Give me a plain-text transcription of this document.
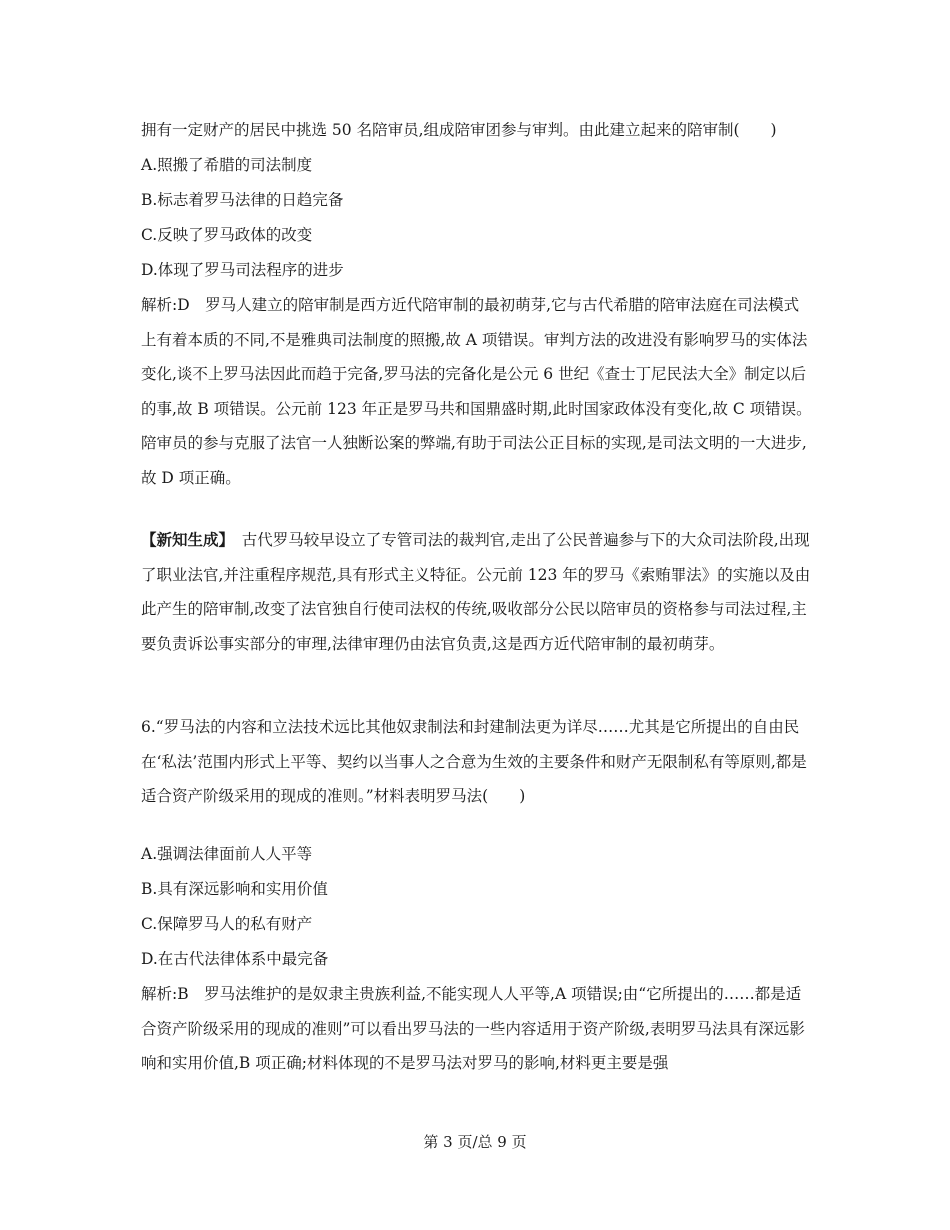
拥有一定财产的居民中挑选 50 名陪审员,组成陪审团参与审判。由此建立起来的陪审制(　　)
A.照搬了希腊的司法制度
B.标志着罗马法律的日趋完备
C.反映了罗马政体的改变
D.体现了罗马司法程序的进步
解析:D　罗马人建立的陪审制是西方近代陪审制的最初萌芽,它与古代希腊的陪审法庭在司法模式上有着本质的不同,不是雅典司法制度的照搬,故 A 项错误。审判方法的改进没有影响罗马的实体法变化,谈不上罗马法因此而趋于完备,罗马法的完备化是公元 6 世纪《查士丁尼民法大全》制定以后的事,故 B 项错误。公元前 123 年正是罗马共和国鼎盛时期,此时国家政体没有变化,故 C 项错误。陪审员的参与克服了法官一人独断讼案的弊端,有助于司法公正目标的实现,是司法文明的一大进步,故 D 项正确。
【新知生成】　古代罗马较早设立了专管司法的裁判官,走出了公民普遍参与下的大众司法阶段,出现了职业法官,并注重程序规范,具有形式主义特征。公元前 123 年的罗马《索贿罪法》的实施以及由此产生的陪审制,改变了法官独自行使司法权的传统,吸收部分公民以陪审员的资格参与司法过程,主要负责诉讼事实部分的审理,法律审理仍由法官负责,这是西方近代陪审制的最初萌芽。
6.“罗马法的内容和立法技术远比其他奴隶制法和封建制法更为详尽……尤其是它所提出的自由民在‘私法’范围内形式上平等、契约以当事人之合意为生效的主要条件和财产无限制私有等原则,都是适合资产阶级采用的现成的准则。”材料表明罗马法(　　)
A.强调法律面前人人平等
B.具有深远影响和实用价值
C.保障罗马人的私有财产
D.在古代法律体系中最完备
解析:B　罗马法维护的是奴隶主贵族利益,不能实现人人平等,A 项错误;由“它所提出的……都是适合资产阶级采用的现成的准则”可以看出罗马法的一些内容适用于资产阶级,表明罗马法具有深远影响和实用价值,B 项正确;材料体现的不是罗马法对罗马的影响,材料更主要是强
第 3 页/总 9 页
